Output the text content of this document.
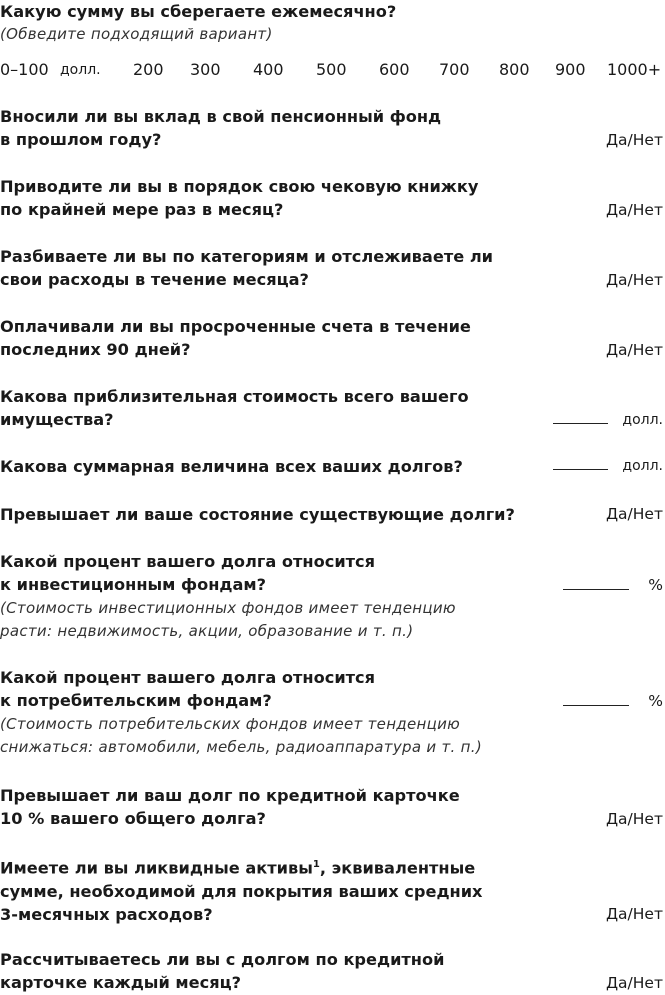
Какую сумму вы сберегаете ежемесячно?
(Обведите подходящий вариант)
0–100 долл. 200 300 400 500 600 700 800 900 1000+
Вносили ли вы вклад в свой пенсионный фонд
в прошлом году?	Да/Нет
Приводите ли вы в порядок свою чековую книжку
по крайней мере раз в месяц?	Да/Нет
Разбиваете ли вы по категориям и отслеживаете ли
свои расходы в течение месяца?	Да/Нет
Оплачивали ли вы просроченные счета в течение
последних 90 дней?	Да/Нет
Какова приблизительная стоимость всего вашего
имущества?	долл.
Какова суммарная величина всех ваших долгов?	долл.
Превышает ли ваше состояние существующие долги?	Да/Нет
Какой процент вашего долга относится
к инвестиционным фондам?
(Стоимость инвестиционных фондов имеет тенденцию
расти: недвижимость, акции, образование и т. п.)
%
Какой процент вашего долга относится
к потребительским фондам?
(Стоимость потребительских фондов имеет тенденцию
снижаться: автомобили, мебель, радиоаппаратура и т. п.)
%
Превышает ли ваш долг по кредитной карточке
10 % вашего общего долга?	Да/Нет
Имеете ли вы ликвидные активы$^1$, эквивалентные
сумме, необходимой для покрытия ваших средних
3-месячных расходов?	Да/Нет
Рассчитываетесь ли вы с долгом по кредитной
карточке каждый месяц?	Да/Нет
